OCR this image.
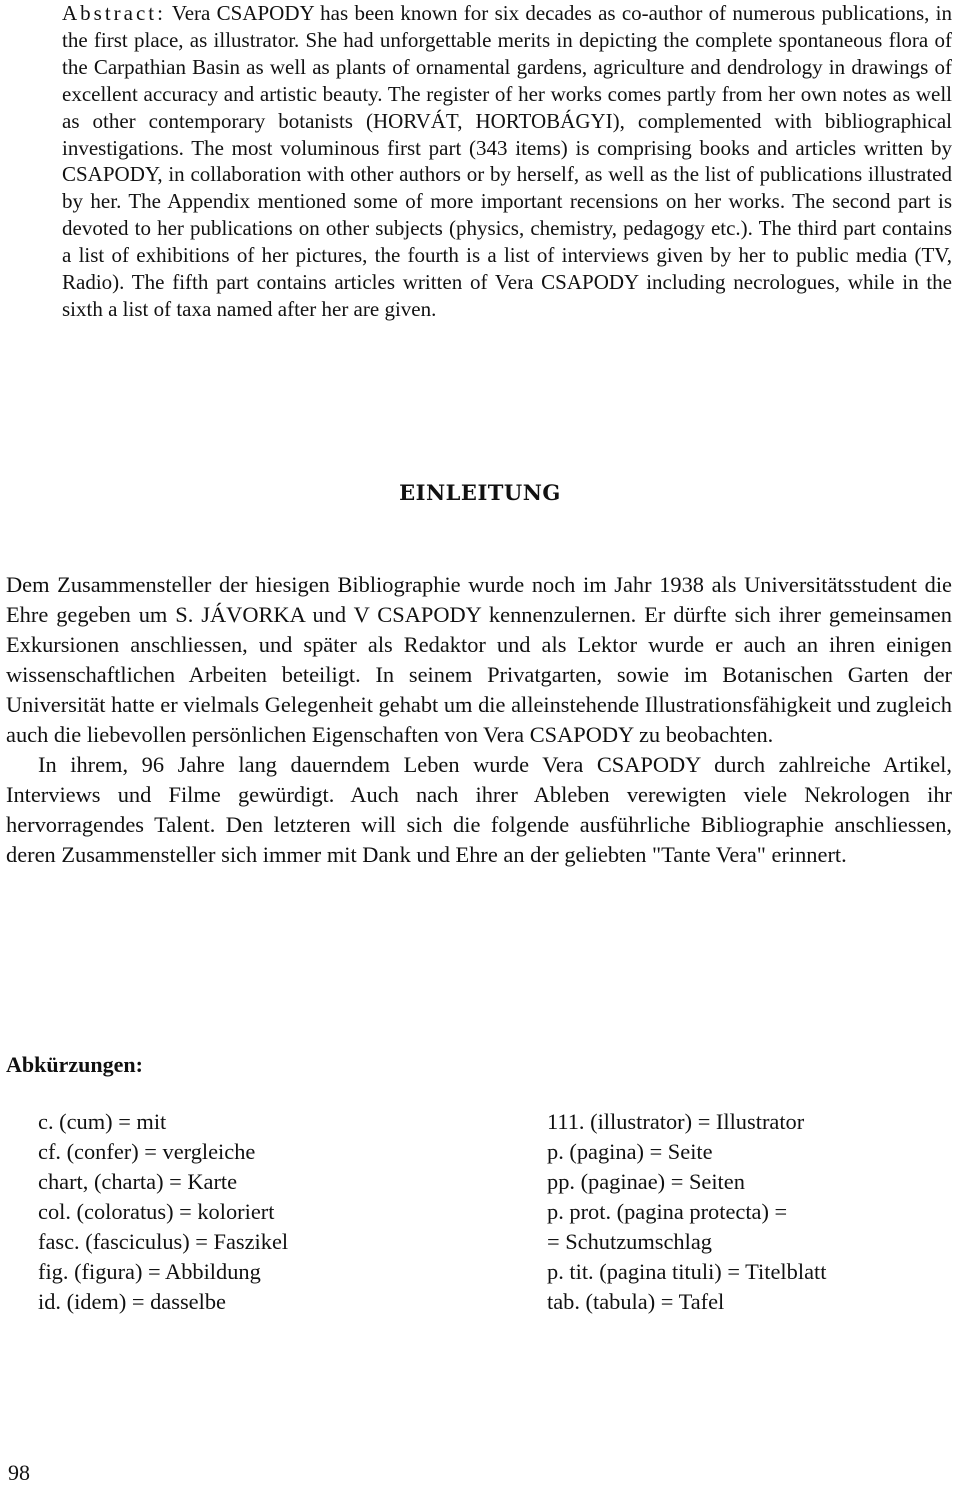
Abstract: Vera CSAPODY has been known for six decades as co-author of numerous publications, in the first place, as illustrator. She had unforgettable merits in depicting the complete spontaneous flora of the Carpathian Basin as well as plants of ornamental gardens, agriculture and dendrology in drawings of excellent accuracy and artistic beauty. The register of her works comes partly from her own notes as well as other contemporary botanists (HORVÁT, HORTOBÁGYI), complemented with bibliographical investigations. The most voluminous first part (343 items) is comprising books and articles written by CSAPODY, in collaboration with other authors or by herself, as well as the list of publications illustrated by her. The Appendix mentioned some of more important recensions on her works. The second part is devoted to her publications on other subjects (physics, chemistry, pedagogy etc.). The third part contains a list of exhibitions of her pictures, the fourth is a list of interviews given by her to public media (TV, Radio). The fifth part contains articles written of Vera CSAPODY including necrologues, while in the sixth a list of taxa named after her are given.

EINLEITUNG

Dem Zusammensteller der hiesigen Bibliographie wurde noch im Jahr 1938 als Universitätsstudent die Ehre gegeben um S. JÁVORKA und V CSAPODY kennenzulernen. Er dürfte sich ihrer gemeinsamen Exkursionen anschliessen, und später als Redaktor und als Lektor wurde er auch an ihren einigen wissenschaftlichen Arbeiten beteiligt. In seinem Privatgarten, sowie im Botanischen Garten der Universität hatte er vielmals Gelegenheit gehabt um die alleinstehende Illustrationsfähigkeit und zugleich auch die liebevollen persönlichen Eigenschaften von Vera CSAPODY zu beobachten.

In ihrem, 96 Jahre lang dauerndem Leben wurde Vera CSAPODY durch zahlreiche Artikel, Interviews und Filme gewürdigt. Auch nach ihrer Ableben verewigten viele Nekrologen ihr hervorragendes Talent. Den letzteren will sich die folgende ausführliche Bibliographie anschliessen, deren Zusammensteller sich immer mit Dank und Ehre an der geliebten "Tante Vera" erinnert.

Abkürzungen:
c. (cum) = mit
cf. (confer) = vergleiche
chart, (charta) = Karte
col. (coloratus) = koloriert
fasc. (fasciculus) = Faszikel
fig. (figura) = Abbildung
id. (idem) = dasselbe
111. (illustrator) = Illustrator
p. (pagina) = Seite
pp. (paginae) = Seiten
p. prot. (pagina protecta) =
= Schutzumschlag
p. tit. (pagina tituli) = Titelblatt
tab. (tabula) = Tafel

98
